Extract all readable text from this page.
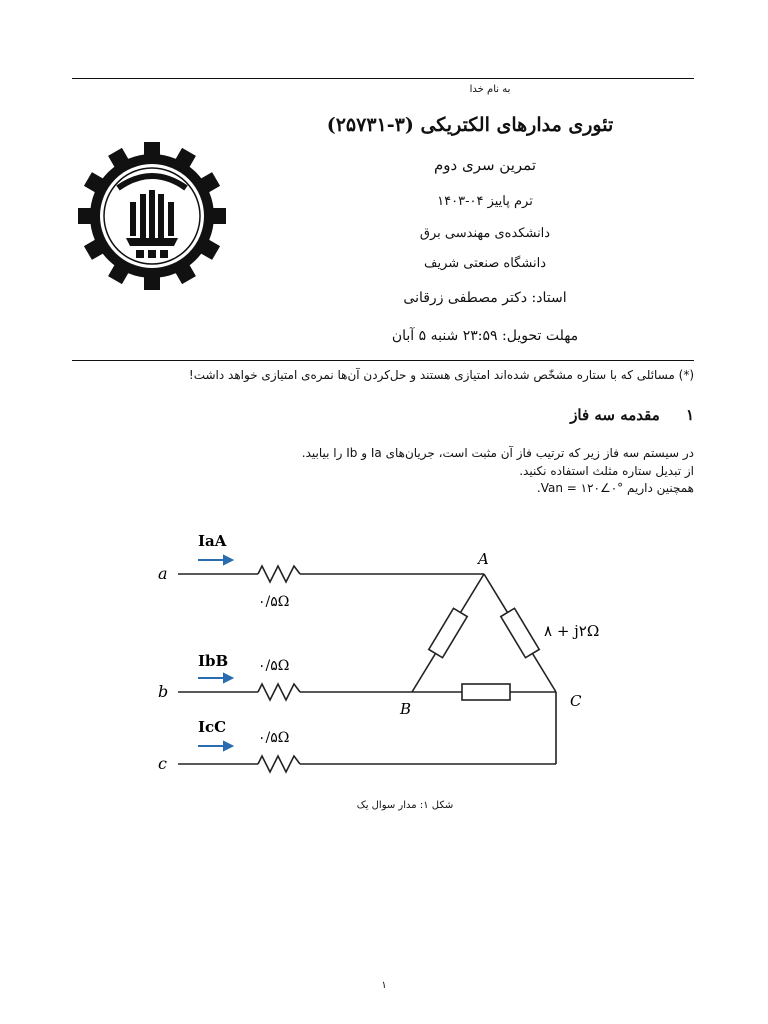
به نام خدا
تئوری مدارهای الکتریکی (۳-۲۵۷۳۱)
تمرین سری دوم
ترم پاییز ۰۴-۱۴۰۳
دانشکده‌ی مهندسی برق
دانشگاه صنعتی شریف
استاد: دکتر مصطفی زرقانی
مهلت تحویل: ۲۳:۵۹ شنبه ۵ آبان
(*) مسائلی که با ستاره مشخّص شده‌اند امتیازی هستند و حل‌کردن آن‌ها نمره‌ی امتیازی خواهد داشت!
۱     مقدمه سه فاز
در سیستم سه فاز زیر که ترتیب فاز آن مثبت است، جریان‌های Ia و Ib را بیابید.
از تبدیل ستاره مثلث استفاده نکنید.
همچنین داریم Van = ۱۲۰∠۰°.
a
b
c
A
B	C
IaA
IbB
IcC
۰/۵Ω
۰/۵Ω
۰/۵Ω
۸ + j۲Ω
شکل ۱: مدار سوال یک
۱
